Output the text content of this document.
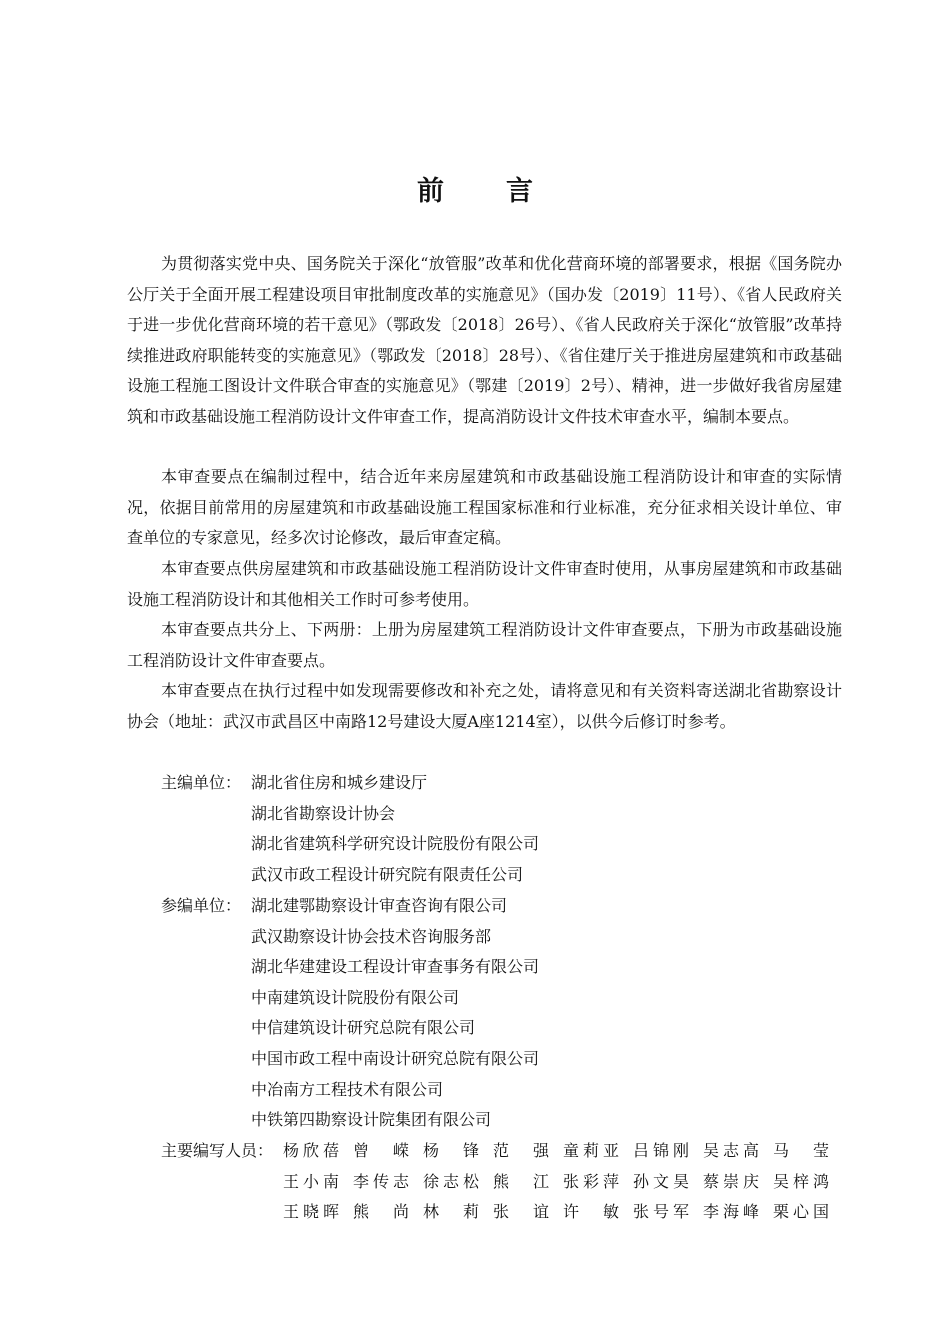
前言

为贯彻落实党中央、国务院关于深化“放管服”改革和优化营商环境的部署要求，根据《国务院办公厅关于全面开展工程建设项目审批制度改革的实施意见》（国办发〔2019〕11号）、《省人民政府关于进一步优化营商环境的若干意见》（鄂政发〔2018〕26号）、《省人民政府关于深化“放管服”改革持续推进政府职能转变的实施意见》（鄂政发〔2018〕28号）、《省住建厅关于推进房屋建筑和市政基础设施工程施工图设计文件联合审查的实施意见》（鄂建〔2019〕2号）、精神，进一步做好我省房屋建筑和市政基础设施工程消防设计文件审查工作，提高消防设计文件技术审查水平，编制本要点。

本审查要点在编制过程中，结合近年来房屋建筑和市政基础设施工程消防设计和审查的实际情况，依据目前常用的房屋建筑和市政基础设施工程国家标准和行业标准，充分征求相关设计单位、审查单位的专家意见，经多次讨论修改，最后审查定稿。

本审查要点供房屋建筑和市政基础设施工程消防设计文件审查时使用，从事房屋建筑和市政基础设施工程消防设计和其他相关工作时可参考使用。

本审查要点共分上、下两册：上册为房屋建筑工程消防设计文件审查要点，下册为市政基础设施工程消防设计文件审查要点。

本审查要点在执行过程中如发现需要修改和补充之处，请将意见和有关资料寄送湖北省勘察设计协会（地址：武汉市武昌区中南路12号建设大厦A座1214室），以供今后修订时参考。

主编单位： 湖北省住房和城乡建设厅
湖北省勘察设计协会
湖北省建筑科学研究设计院股份有限公司
武汉市政工程设计研究院有限责任公司
参编单位： 湖北建鄂勘察设计审查咨询有限公司
武汉勘察设计协会技术咨询服务部
湖北华建建设工程设计审查事务有限公司
中南建筑设计院股份有限公司
中信建筑设计研究总院有限公司
中国市政工程中南设计研究总院有限公司
中冶南方工程技术有限公司
中铁第四勘察设计院集团有限公司
主要编写人员： 杨欣蓓 曾 嵘 杨 锋 范 强 童莉亚 吕锦刚 吴志高 马 莹
王小南 李传志 徐志松 熊 江 张彩萍 孙文昊 蔡崇庆 吴梓鸿
王晓晖 熊 尚 林 莉 张 谊 许 敏 张号军 李海峰 栗心国
